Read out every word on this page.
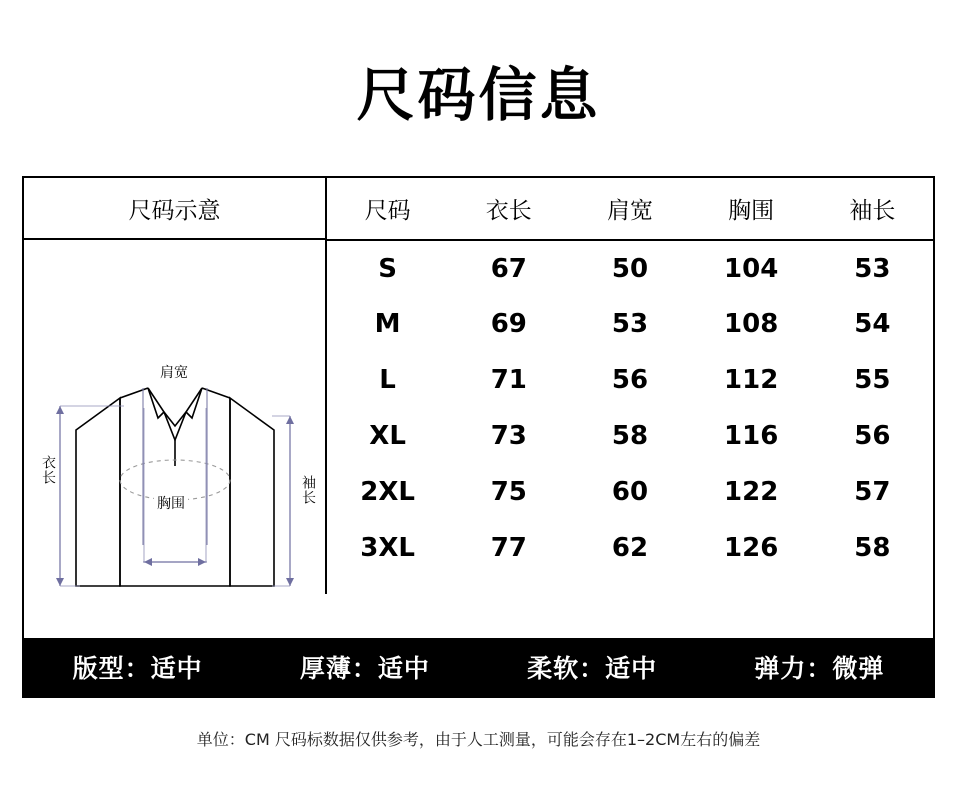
尺码信息
尺码示意
肩宽
衣长
胸围	袖长
尺码	衣长	肩宽	胸围	袖长
S	67	50	104	53
M	69	53	108	54
L	71	56	112	55
XL	73	58	116	56
2XL	75	60	122	57
3XL	77	62	126	58
版型：适中	厚薄：适中	柔软：适中	弹力：微弹
单位：CM 尺码标数据仅供参考，由于人工测量，可能会存在1–2CM左右的偏差
